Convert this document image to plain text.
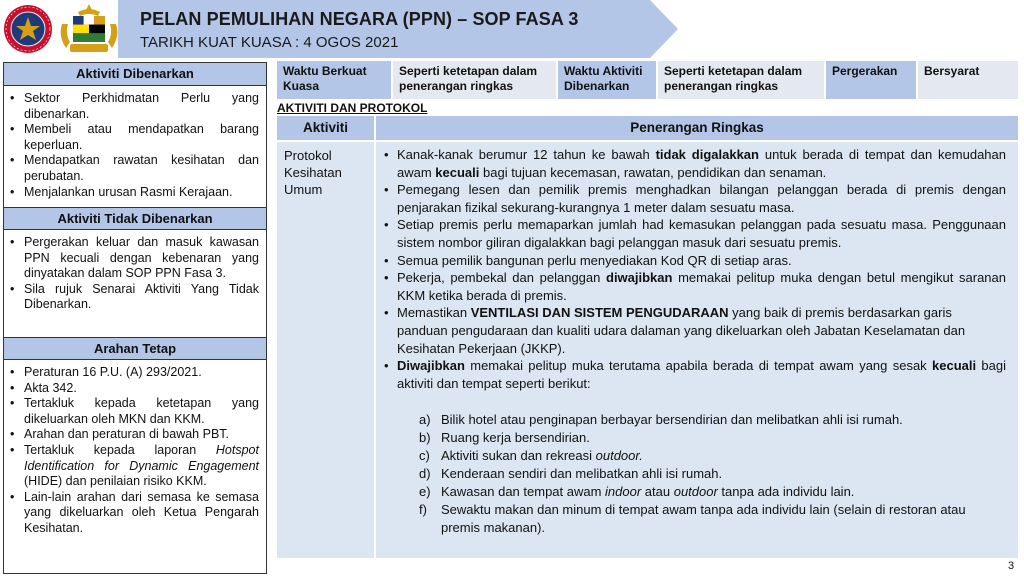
PELAN PEMULIHAN NEGARA (PPN) – SOP FASA 3
TARIKH KUAT KUASA : 4 OGOS 2021
Aktiviti Dibenarkan
• Sektor Perkhidmatan Perlu yang dibenarkan.
• Membeli atau mendapatkan barang keperluan.
• Mendapatkan rawatan kesihatan dan perubatan.
• Menjalankan urusan Rasmi Kerajaan.
Aktiviti Tidak Dibenarkan
• Pergerakan keluar dan masuk kawasan PPN kecuali dengan kebenaran yang dinyatakan dalam SOP PPN Fasa 3.
• Sila rujuk Senarai Aktiviti Yang Tidak Dibenarkan.
Arahan Tetap
• Peraturan 16 P.U. (A) 293/2021.
• Akta 342.
• Tertakluk kepada ketetapan yang dikeluarkan oleh MKN dan KKM.
• Arahan dan peraturan di bawah PBT.
• Tertakluk kepada laporan Hotspot Identification for Dynamic Engagement (HIDE) dan penilaian risiko KKM.
• Lain-lain arahan dari semasa ke semasa yang dikeluarkan oleh Ketua Pengarah Kesihatan.
Waktu Berkuat Kuasa
Seperti ketetapan dalam penerangan ringkas
Waktu Aktiviti Dibenarkan
Seperti ketetapan dalam penerangan ringkas
Pergerakan	Bersyarat
AKTIVITI DAN PROTOKOL
Aktiviti	Penerangan Ringkas
Protokol Kesihatan Umum
• Kanak-kanak berumur 12 tahun ke bawah tidak digalakkan untuk berada di tempat dan kemudahan awam kecuali bagi tujuan kecemasan, rawatan, pendidikan dan senaman.
• Pemegang lesen dan pemilik premis menghadkan bilangan pelanggan berada di premis dengan penjarakan fizikal sekurang-kurangnya 1 meter dalam sesuatu masa.
• Setiap premis perlu memaparkan jumlah had kemasukan pelanggan pada sesuatu masa. Penggunaan sistem nombor giliran digalakkan bagi pelanggan masuk dari sesuatu premis.
• Semua pemilik bangunan perlu menyediakan Kod QR di setiap aras.
• Pekerja, pembekal dan pelanggan diwajibkan memakai pelitup muka dengan betul mengikut saranan KKM ketika berada di premis.
• Memastikan VENTILASI DAN SISTEM PENGUDARAAN yang baik di premis berdasarkan garis panduan pengudaraan dan kualiti udara dalaman yang dikeluarkan oleh Jabatan Keselamatan dan Kesihatan Pekerjaan (JKKP).
• Diwajibkan memakai pelitup muka terutama apabila berada di tempat awam yang sesak kecuali bagi aktiviti dan tempat seperti berikut:
a) Bilik hotel atau penginapan berbayar bersendirian dan melibatkan ahli isi rumah.
b) Ruang kerja bersendirian.
c) Aktiviti sukan dan rekreasi outdoor.
d) Kenderaan sendiri dan melibatkan ahli isi rumah.
e) Kawasan dan tempat awam indoor atau outdoor tanpa ada individu lain.
f) Sewaktu makan dan minum di tempat awam tanpa ada individu lain (selain di restoran atau premis makanan).
3
